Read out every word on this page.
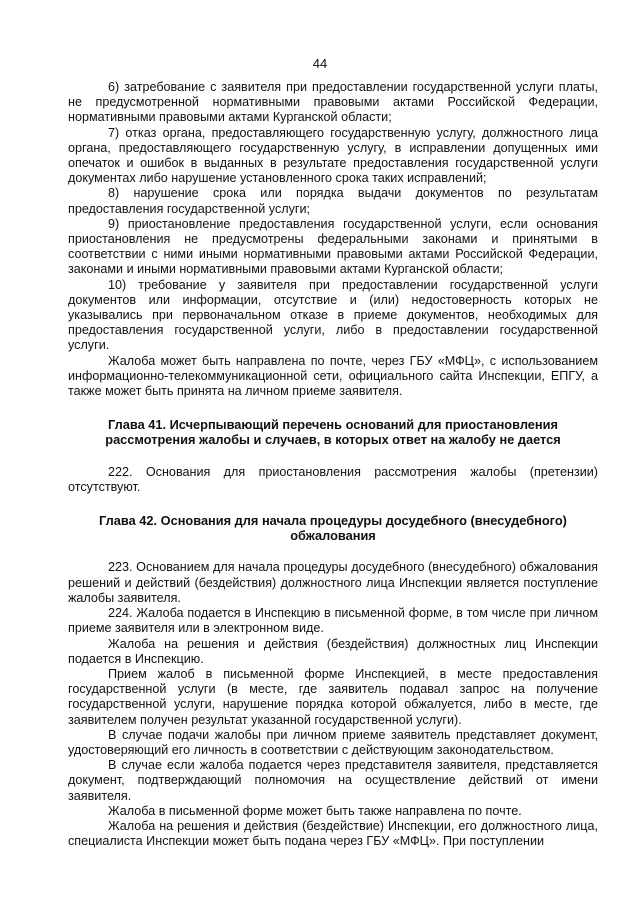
44

6) затребование с заявителя при предоставлении государственной услуги платы, не предусмотренной нормативными правовыми актами Российской Федерации, нормативными правовыми актами Курганской области;

7) отказ органа, предоставляющего государственную услугу, должностного лица органа, предоставляющего государственную услугу, в исправлении допущенных ими опечаток и ошибок в выданных в результате предоставления государственной услуги документах либо нарушение установленного срока таких исправлений;

8) нарушение срока или порядка выдачи документов по результатам предоставления государственной услуги;

9) приостановление предоставления государственной услуги, если основания приостановления не предусмотрены федеральными законами и принятыми в соответствии с ними иными нормативными правовыми актами Российской Федерации, законами и иными нормативными правовыми актами Курганской области;

10) требование у заявителя при предоставлении государственной услуги документов или информации, отсутствие и (или) недостоверность которых не указывались при первоначальном отказе в приеме документов, необходимых для предоставления государственной услуги, либо в предоставлении государственной услуги.

Жалоба может быть направлена по почте, через ГБУ «МФЦ», с использованием информационно-телекоммуникационной сети, официального сайта Инспекции, ЕПГУ, а также может быть принята на личном приеме заявителя.

Глава 41. Исчерпывающий перечень оснований для приостановления
рассмотрения жалобы и случаев, в которых ответ на жалобу не дается

222. Основания для приостановления рассмотрения жалобы (претензии) отсутствуют.

Глава 42. Основания для начала процедуры досудебного (внесудебного)
обжалования

223. Основанием для начала процедуры досудебного (внесудебного) обжалования решений и действий (бездействия) должностного лица Инспекции является поступление жалобы заявителя.

224. Жалоба подается в Инспекцию в письменной форме, в том числе при личном приеме заявителя или в электронном виде.

Жалоба на решения и действия (бездействия) должностных лиц Инспекции подается в Инспекцию.

Прием жалоб в письменной форме Инспекцией, в месте предоставления государственной услуги (в месте, где заявитель подавал запрос на получение государственной услуги, нарушение порядка которой обжалуется, либо в месте, где заявителем получен результат указанной государственной услуги).

В случае подачи жалобы при личном приеме заявитель представляет документ, удостоверяющий его личность в соответствии с действующим законодательством.

В случае если жалоба подается через представителя заявителя, представляется документ, подтверждающий полномочия на осуществление действий от имени заявителя.

Жалоба в письменной форме может быть также направлена по почте.

Жалоба на решения и действия (бездействие) Инспекции, его должностного лица, специалиста Инспекции может быть подана через ГБУ «МФЦ». При поступлении
